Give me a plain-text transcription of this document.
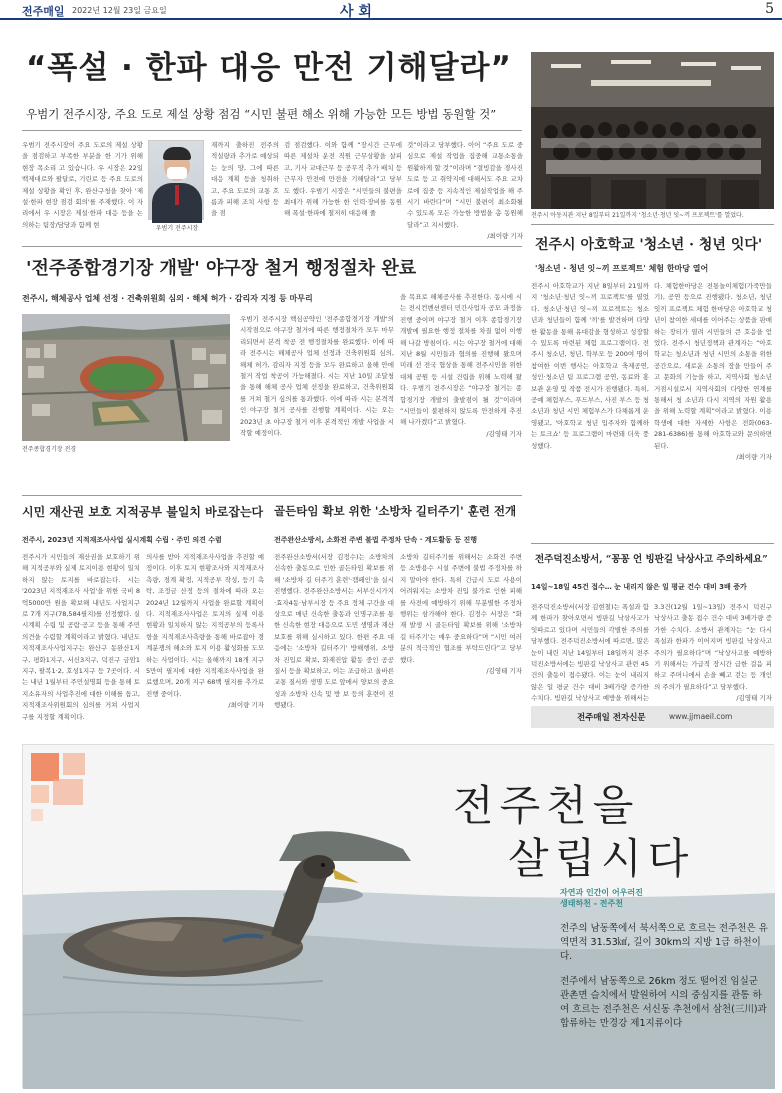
전주매일 2022년 12월 23일 금요일	사 회	5
“폭설 · 한파 대응 만전 기해달라”
우범기 전주시장, 주요 도로 제설 상황 점검 “시민 불편 해소 위해 가능한 모든 방법 동원할 것”
우범기 전주시장이 주요 도로의 제설 상황을 점검하고 부족한 부분을 한 기가 위해 현장 목소리 고 있습니다. 우 시장은 22일 백제대로와 팔달로, 기린로 등 주요 도로의 제설 상황을 확인 후, 완산구청을 찾아 '제설·한파 현장 점검 회의'를 주재했다. 이 자리에서 우 시장은 제설·한파 대응 등을 논의하는 팀장/담당과 함께 현	우범기 전주시장
재까지 출하진 전주의 적설량과 추가로 예상되는 눈의 양, 그에 따른 대응 계획 등을 청취하고, 주요 도로의 교통 흐름과 피해 조치 사항 등을 점
검 점검했다. 이와 함께 “장시간 근무에 따른 제설차 운전 직원 근무상황을 살피고, 기사 교대근무 등 공무직 추가 배치 등 근무자 안전에 만전을 기해달라”고 당부도 했다. 우범기 시장은 “시민들의 불편을 최대가 위해 가능한 한 인력·장비를 동원해 폭설·한파에 철저히 대응해 줄
것”이라고 당부했다. 이어 “주요 도로 중심으로 제설 작업을 집중해 교통소통을 원활하게 할 것”이라며 “결빙감을 경사진 도로 등 고 취약지에 대해서도 주요 교차로에 집중 등 지속적인 제설작업을 해 주시기 바란다”며 “시민 불편이 최소화될 수 있도록 모든 가능한 방법을 총 동원해 달라”고 지시했다.
/최이량 기자
전주시 아동지관 지난 8일부터 21일까지 '청소년·청년 잇~끼 프로젝트'를 열었다.
전주시 아호학교 '청소년 · 청년 잇다'
'청소년 · 청년 잇~끼 프로젝트' 체험 한마당 열어
전주시 아호학교가 지난 8일부터 21일까지 '청소년·청년 잇~끼 프로젝트'를 열었다. 청소년·청년 잇~끼 프로젝트는 청소년과 청년들이 함께 '끼'를 발견하며 다양한 활동을 통해 유대감을 형성하고 성장할 수 있도록 마련된 체험 프로그램이다. 전주시 청소년, 청년, 학부모 등 200여 명이 참여한 이번 행사는 아호학교 축제공연, 성인·청소년 팀 프로그램 공연, 동료와 홍보관 운영 및 작품 전시가 진행됐다. 특히, 공예 체험부스, 푸드부스, 사진 부스 등 청소년과 청년 시민 체험부스가 다채롭게 운영됐고, '아호학교 청년 입주자와 함께하는 토크쇼' 등 프로그램이 마련돼 더욱 풍성했다.
다. 체험한마당은 전통놀이체험(가죽만들기), 공연 등으로 진행됐다. 청소년, 청년 잇끼 프로젝트 체험 한마당은 아호학교 청년이 참여한 세대를 이어주는 상품을 판매하는 장터가 열려 시민들의 큰 호응을 얻었다. 전주시 청년정책과 관계자는 “아호학교는 청소년과 청년 시민의 소통을 위한 공간으로, 새로운 소통의 장을 만들어 주고 문화의 기능을 하고, 지역사회 청소년 거점시설로서 지역사회의 다양한 연계를 통해서 청 소년과 다시 지역의 자원 활용을 위해 노력할 계획”이라고 밝혔다. 이용학생에 대한 자세한 사항은 전화(063-281-6386)를 통해 아호학교와 문의하면 된다.
/최이량 기자
'전주종합경기장 개발' 야구장 철거 행정절차 완료
전주시, 해체공사 업체 선정 · 건축위원회 심의 · 해체 허가 · 감리자 지정 등 마무리
전주종합경기장 전경
우범기 전주시장 핵심공약인 '전주종합경기장 개발'의 시작점으로 야구장 철거에 따른 행정절차가 모두 마무리되면서 본격 착공 전 행정절차를 완료했다. 이에 따라 전주시는 해체공사 업체 선정과 건축위원회 심의, 해체 허가, 감리자 지정 등을 모두 완료하고 올해 안에 철거 작업 착공이 가능해졌다. 시는 지난 10일 조달청을 통해 해체 공사 업체 선정을 완료하고, 건축위원회를 거쳐 철거 심의를 통과했다. 이에 따라 시는 본격적인 야구장 철거 공사를 진행할 계획이다. 시는 오는 2023년 초 야구장 철거 이후 본격적인 개발 사업을 시작할 예정이다.
을 목표로 해체공사를 추진한다. 동시에 시는 전시컨벤션센터 민간사업자 공모 과정을 진행 중이며 야구장 철거 이후 종합경기장 개발에 필요한 행정 절차를 차질 없이 이행해 나갈 방침이다. 시는 야구장 철거에 대해 지난 8월 시민들과 협의를 진행해 왔으며 미래 선 전국 협상을 통해 전주시민을 위한 대체 공원 등 시설 건립을 위해 노력해 왔다. 우범기 전주시장은 “야구장 철거는 종합경기장 개발의 출발점이 될 것”이라며 “시민들이 불편하지 않도록 안전하게 추진해 나가겠다”고 밝혔다.
/김영태 기자
시민 재산권 보호 지적공부 불일치 바로잡는다
전주시, 2023년 지적재조사사업 실시계획 수립 · 주민 의견 수렴
전주시가 시민들의 재산권을 보호하기 위해 지적공부와 실제 토지이용 현황이 일치하지 않는 토지를 바로잡는다. 시는 '2023년 지적재조사 사업'을 위한 국비 8억5000만 원을 확보해 내년도 사업지구로 7개 지구(78,584필지)를 선정했다. 실시계획 수립 및 공람·공고 등을 통해 주민 의견을 수렴할 계획이라고 밝혔다. 내년도 지적재조사사업지구는 완산구 동완산1지구, 평화1지구, 서신3지구, 덕진구 금암1지구, 팔복1·2, 호성1지구 등 7곳이다. 시는 내년 1월부터 주민설명회 등을 통해 토지소유자의 사업추진에 대한 이해를 돕고, 지적재조사위원회의 심의를 거쳐 사업지구를 지정할 계획이다.
의사를 받아 지적재조사사업을 추진할 예정이다. 이후 토지 현황조사와 지적재조사 측량, 경계 확정, 지적공부 작성, 등기 촉탁, 조정금 산정 등의 절차에 따라 오는 2024년 12월까지 사업을 완료할 계획이다. 지적재조사사업은 토지의 실제 이용 현황과 일치하지 않는 지적공부의 등록사항을 지적재조사측량을 통해 바로잡아 경계분쟁의 해소와 토지 이용 활성화를 도모하는 사업이다. 시는 올해까지 18개 지구 5만여 필지에 대한 지적재조사사업을 완료했으며, 20개 지구 68백 필지를 추가로 진행 중이다.
/최이량 기자
골든타임 확보 위한 '소방차 길터주기' 훈련 전개
전주완산소방서, 소화전 주변 불법 주정차 단속 · 계도활동 등 진행
전주완산소방서(서장 김정수)는 소방차의 신속한 출동으로 인한 골든타임 확보를 위해 '소방차 길 터주기 훈련'·캠페인'을 실시 진행했다. 전주완산소방서는 서부신시가지·효자4동·남부시장 등 주요 정체 구간을 대상으로 매년 신속한 출동과 인명구조를 통한 신속한 현장 대응으로 도민 생명과 재산 보호를 위해 실시하고 있다. 한편 주요 대응에는 '소방차 길터주기' 방해행위, 소방차 진입로 확보, 화재진압 활동 중인 공공질서 등을 확보하고, 이는 조급하고 올바른 교통 질서와 생명 도로 앞에서 양보의 중요성과 소방차 신속 및 방 보 등의 훈련이 진행됐다.
소방차 길터주기를 위해서는 소화전 주변 등 소방용수 시설 주변에 불법 주정차를 하지 말아야 한다. 특히 긴급시 도로 사용이 어려워지는 소방차 진입 불가로 인한 피해를 사전에 예방하기 위해 무분별한 주정차 행위는 삼가해야 한다. 김정수 서장은 “화재 발생 시 골든타임 확보를 위해 '소방차 길 터주기'는 매우 중요하다”며 “시민 여러분의 적극적인 협조를 부탁드린다”고 당부했다.
/김영태 기자
전주덕진소방서, “꽁꽁 언 빙판길 낙상사고 주의하세요”
14일~18일 45건 접수… 눈 내리지 않은 일 평균 건수 대비 3배 증가
전주덕진소방서(서장 김현철)는 폭설과 함께 한파가 찾아오면서 빙판길 낙상사고가 잇따르고 있다며 시민들의 각별한 주의를 당부했다. 전주덕진소방서에 따르면, 많은 눈이 내린 지난 14일부터 18일까지 전주덕진소방서에는 빙판길 낙상사고 관련 45건의 출동이 접수됐다. 이는 눈이 내리지 않은 일 평균 건수 대비 3배가량 증가한 수치다. 빙판길 낙상사고 예방을 위해서는
3.3건(12월 1일~13일) 전주시 덕진구 낙상사고 출동 접수 건수 대비 3배가량 증가한 수치다. 소방서 관계자는 “눈 다시 폭설과 한파가 이어지며 빙판길 낙상사고 주의가 필요하다”며 “낙상사고를 예방하기 위해서는 가급적 장시간 급한 걸음 피하고 주머니에서 손을 빼고 걷는 등 개인의 주의가 필요하다”고 당부했다.
/김영태 기자
전주매일 전자신문	www.jjmaeil.com
전주천을
살립시다
자연과 인간이 어우러진
생태하천 - 전주천
전주의 남동쪽에서 북서쪽으로 흐르는 전주천은 유역면적 31.53㎢, 길이 30km의 지방 1급 하천이다.
전주에서 남동쪽으로 26km 정도 떨어진 임실군 관촌면 슬치에서 발원하여 시의 중심지를 관통 하여 흐르는 전주천은 서신동 추천에서 삼천(三川)과 합류하는 만경강 제1지류이다
